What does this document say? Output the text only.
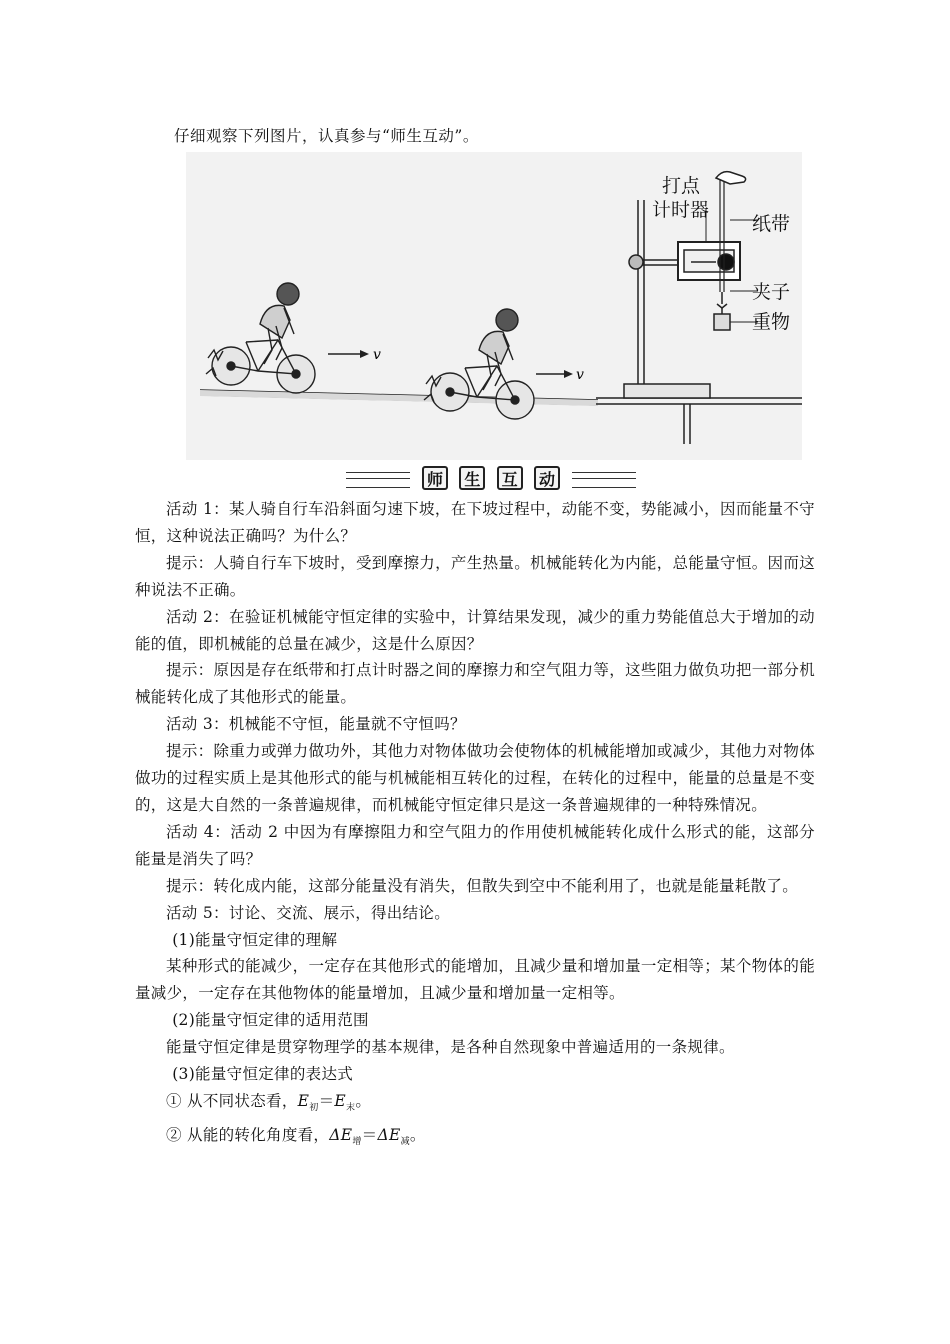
仔细观察下列图片，认真参与“师生互动”。
v
v
打点
计时器
纸带
夹子
重物
师	生	互	动

活动 1：某人骑自行车沿斜面匀速下坡，在下坡过程中，动能不变，势能减小，因而能量不守恒，这种说法正确吗？为什么？

提示：人骑自行车下坡时，受到摩擦力，产生热量。机械能转化为内能，总能量守恒。因而这种说法不正确。

活动 2：在验证机械能守恒定律的实验中，计算结果发现，减少的重力势能值总大于增加的动能的值，即机械能的总量在减少，这是什么原因？

提示：原因是存在纸带和打点计时器之间的摩擦力和空气阻力等，这些阻力做负功把一部分机械能转化成了其他形式的能量。

活动 3：机械能不守恒，能量就不守恒吗？

提示：除重力或弹力做功外，其他力对物体做功会使物体的机械能增加或减少，其他力对物体做功的过程实质上是其他形式的能与机械能相互转化的过程，在转化的过程中，能量的总量是不变的，这是大自然的一条普遍规律，而机械能守恒定律只是这一条普遍规律的一种特殊情况。

活动 4：活动 2 中因为有摩擦阻力和空气阻力的作用使机械能转化成什么形式的能，这部分能量是消失了吗？

提示：转化成内能，这部分能量没有消失，但散失到空中不能利用了，也就是能量耗散了。

活动 5：讨论、交流、展示，得出结论。

(1)能量守恒定律的理解

某种形式的能减少，一定存在其他形式的能增加，且减少量和增加量一定相等；某个物体的能量减少，一定存在其他物体的能量增加，且减少量和增加量一定相等。

(2)能量守恒定律的适用范围

能量守恒定律是贯穿物理学的基本规律，是各种自然现象中普遍适用的一条规律。

(3)能量守恒定律的表达式

① 从不同状态看，$E_初=E_末$。

② 从能的转化角度看，$\Delta E_增=\Delta E_减$。
